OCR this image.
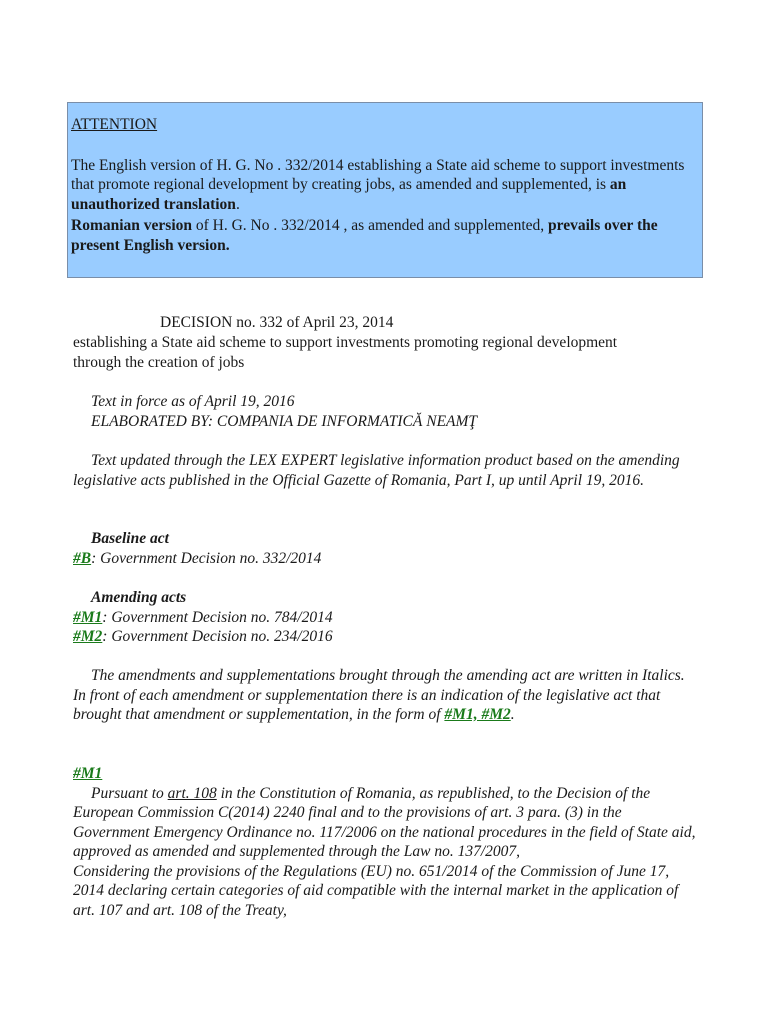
ATTENTION

The English version of H. G. No . 332/2014 establishing a State aid scheme to support investments that promote regional development by creating jobs, as amended and supplemented, is an unauthorized translation.

Romanian version of H. G. No . 332/2014 , as amended and supplemented, prevails over the present English version.

DECISION no. 332 of April 23, 2014
establishing a State aid scheme to support investments promoting regional development through the creation of jobs

Text in force as of April 19, 2016

ELABORATED BY: COMPANIA DE INFORMATICĂ NEAMŢ

Text updated through the LEX EXPERT legislative information product based on the amending legislative acts published in the Official Gazette of Romania, Part I, up until April 19, 2016.

Baseline act

#B: Government Decision no. 332/2014

Amending acts

#M1: Government Decision no. 784/2014

#M2: Government Decision no. 234/2016

The amendments and supplementations brought through the amending act are written in Italics. In front of each amendment or supplementation there is an indication of the legislative act that brought that amendment or supplementation, in the form of #M1, #M2.

#M1

Pursuant to art. 108 in the Constitution of Romania, as republished, to the Decision of the European Commission C(2014) 2240 final and to the provisions of art. 3 para. (3) in the Government Emergency Ordinance no. 117/2006 on the national procedures in the field of State aid, approved as amended and supplemented through the Law no. 137/2007,

Considering the provisions of the Regulations (EU) no. 651/2014 of the Commission of June 17, 2014 declaring certain categories of aid compatible with the internal market in the application of art. 107 and art. 108 of the Treaty,
